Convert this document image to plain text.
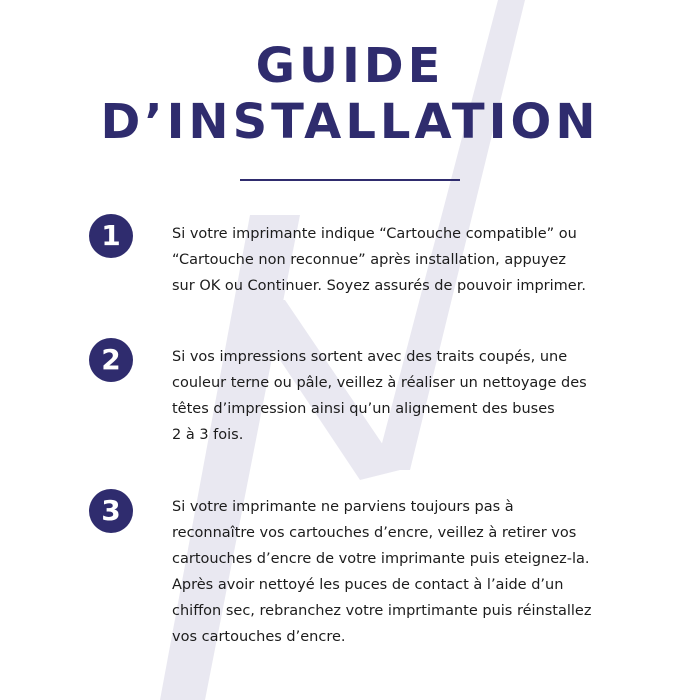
GUIDE
D’INSTALLATION
1	Si votre imprimante indique “Cartouche compatible” ou
“Cartouche non reconnue” après installation, appuyez
sur OK ou Continuer. Soyez assurés de pouvoir imprimer.

2	Si vos impressions sortent avec des traits coupés, une
couleur terne ou pâle, veillez à réaliser un nettoyage des
têtes d’impression ainsi qu’un alignement des buses
2 à 3 fois.

3	Si votre imprimante ne parviens toujours pas à
reconnaître vos cartouches d’encre, veillez à retirer vos
cartouches d’encre de votre imprimante puis eteignez-la.
Après avoir nettoyé les puces de contact à l’aide d’un
chiffon sec, rebranchez votre imprtimante puis réinstallez
vos cartouches d’encre.
